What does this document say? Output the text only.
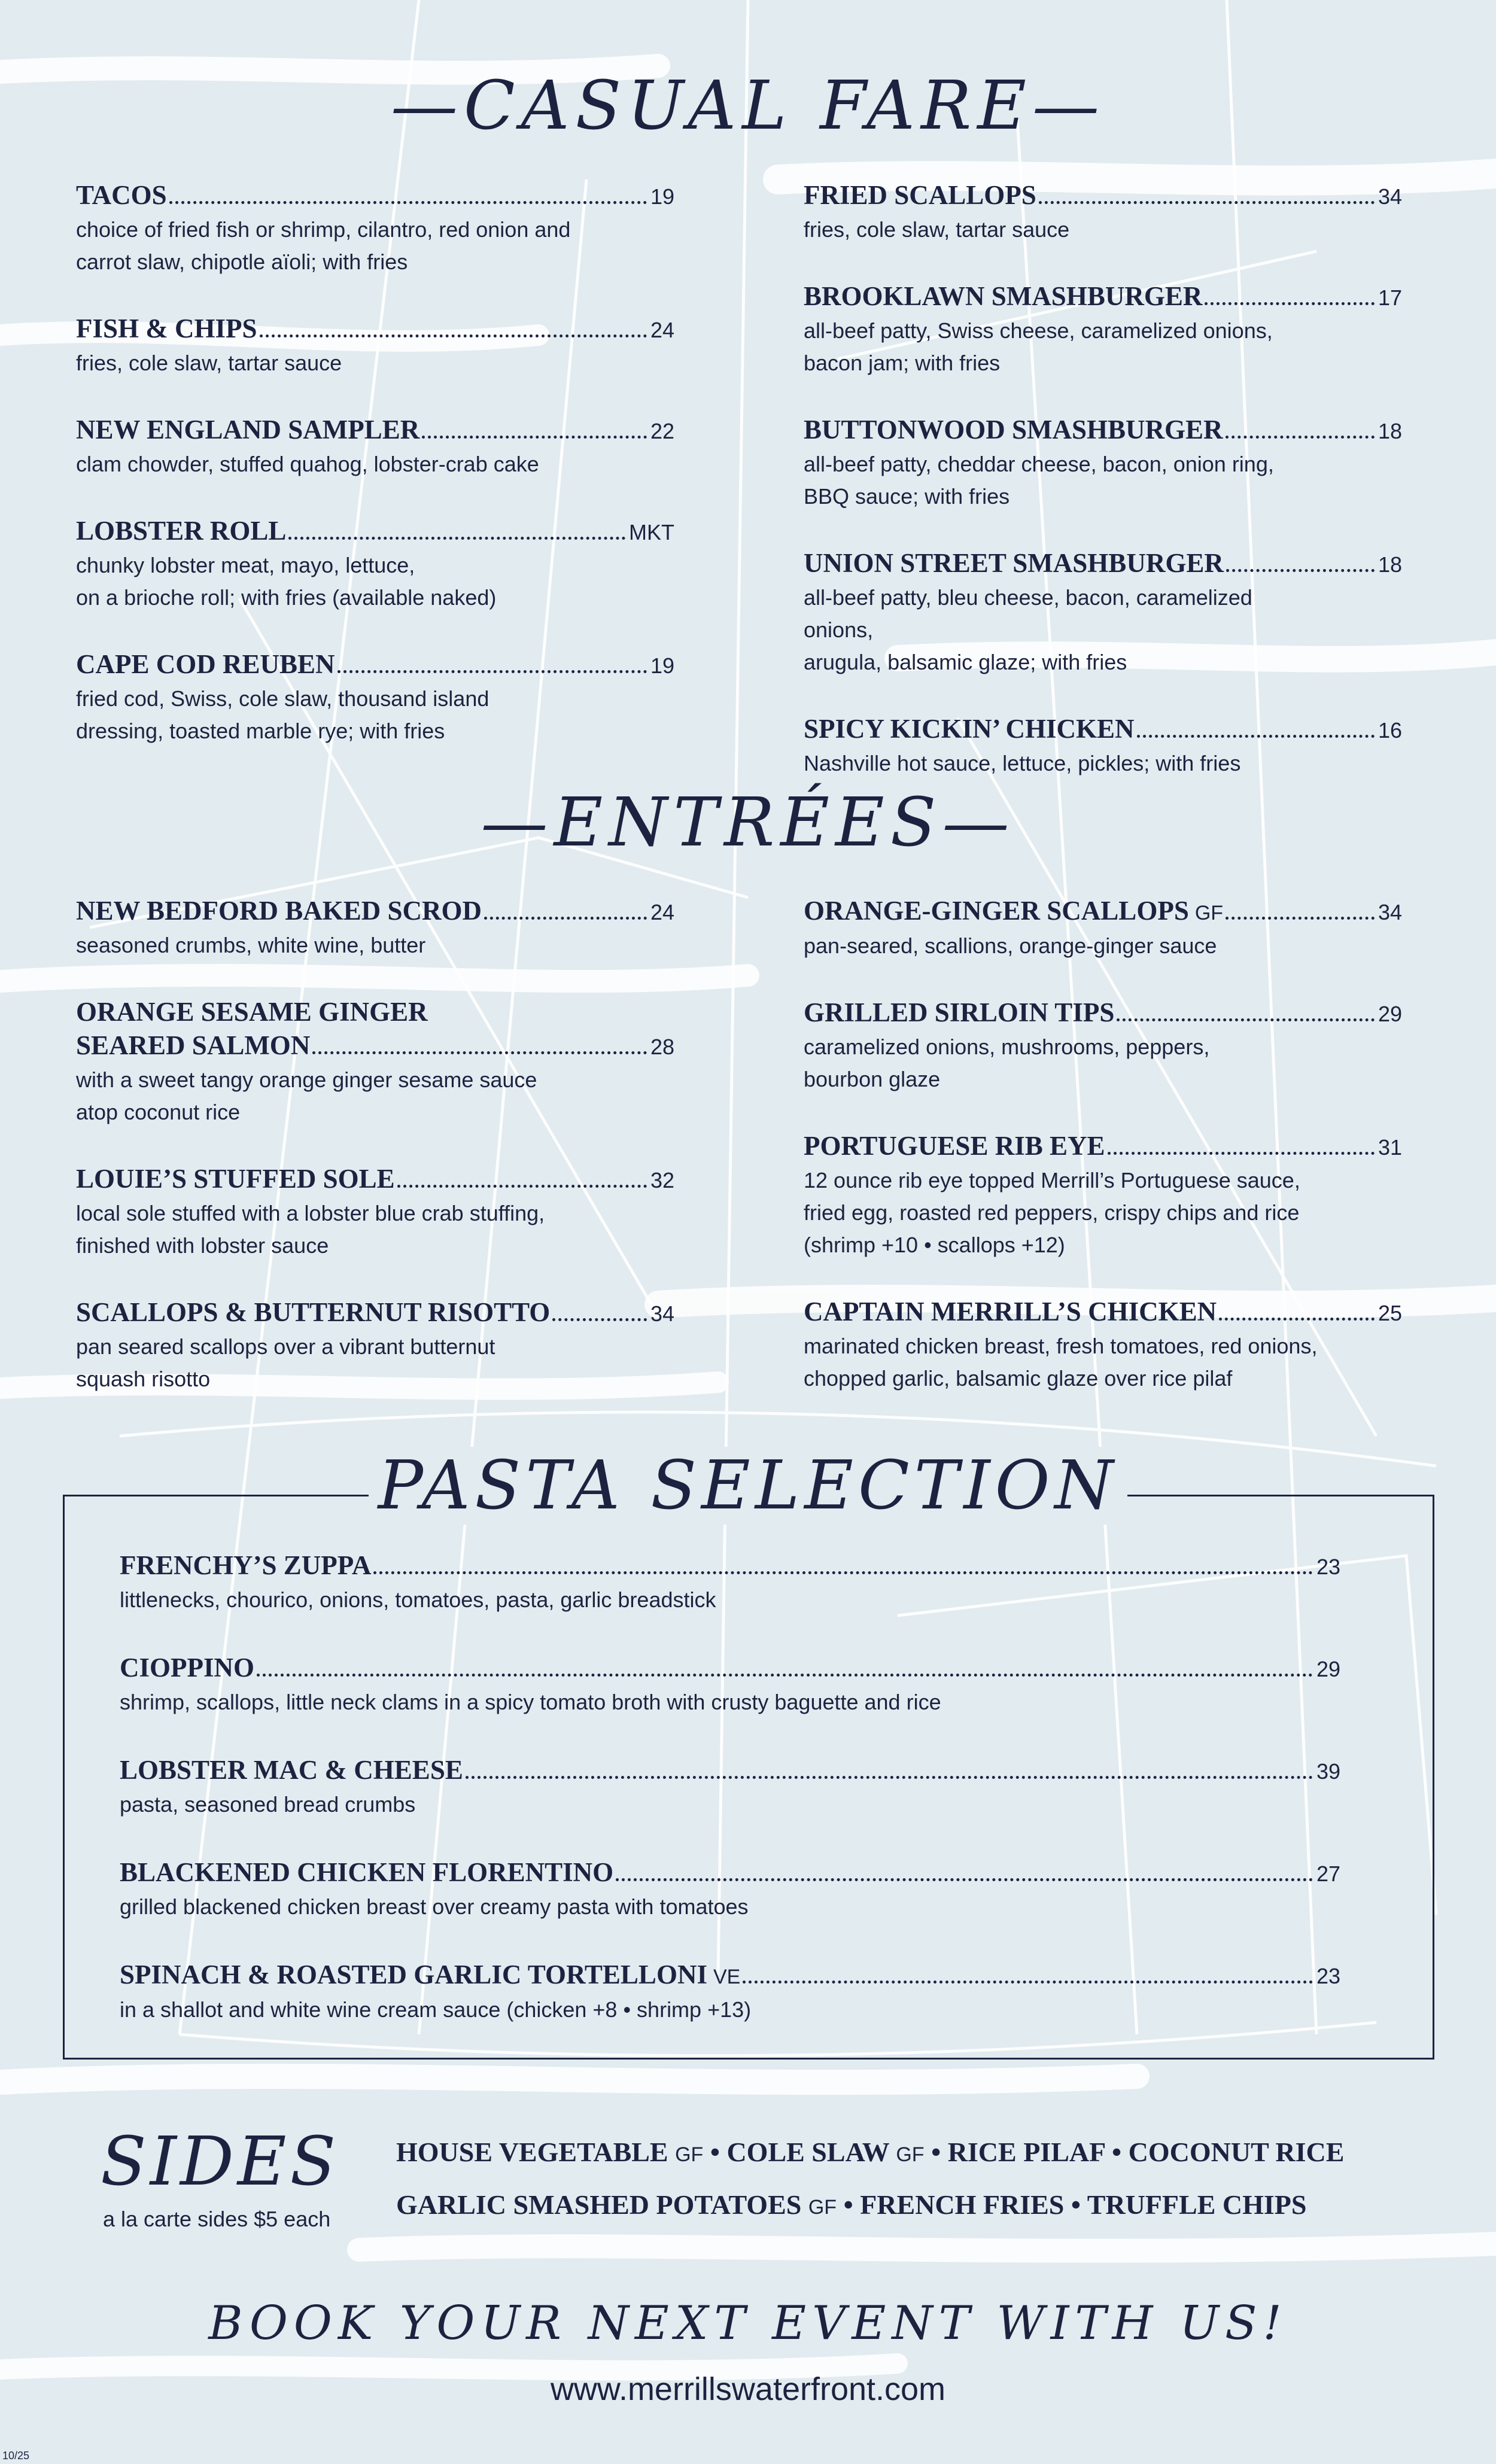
—CASUAL FARE—
TACOS	19
choice of fried fish or shrimp, cilantro, red onion and
carrot slaw, chipotle aïoli; with fries
FISH & CHIPS	24
fries, cole slaw, tartar sauce
NEW ENGLAND SAMPLER	22
clam chowder, stuffed quahog, lobster-crab cake
LOBSTER ROLL	MKT
chunky lobster meat, mayo, lettuce,
on a brioche roll; with fries (available naked)
CAPE COD REUBEN	19
fried cod, Swiss, cole slaw, thousand island
dressing, toasted marble rye; with fries
FRIED SCALLOPS	34
fries, cole slaw, tartar sauce
BROOKLAWN SMASHBURGER	17
all-beef patty, Swiss cheese, caramelized onions,
bacon jam; with fries
BUTTONWOOD SMASHBURGER	18
all-beef patty, cheddar cheese, bacon, onion ring,
BBQ sauce; with fries
UNION STREET SMASHBURGER	18
all-beef patty, bleu cheese, bacon, caramelized onions,
arugula, balsamic glaze; with fries
SPICY KICKIN’ CHICKEN	16
Nashville hot sauce, lettuce, pickles; with fries
—ENTRÉES—
NEW BEDFORD BAKED SCROD	24
seasoned crumbs, white wine, butter
ORANGE SESAME GINGER
SEARED SALMON	28
with a sweet tangy orange ginger sesame sauce
atop coconut rice
LOUIE’S STUFFED SOLE	32
local sole stuffed with a lobster blue crab stuffing,
finished with lobster sauce
SCALLOPS & BUTTERNUT RISOTTO	34
pan seared scallops over a vibrant butternut
squash risotto
ORANGE-GINGER SCALLOPS GF	34
pan-seared, scallions, orange-ginger sauce
GRILLED SIRLOIN TIPS	29
caramelized onions, mushrooms, peppers,
bourbon glaze
PORTUGUESE RIB EYE	31
12 ounce rib eye topped Merrill’s Portuguese sauce,
fried egg, roasted red peppers, crispy chips and rice
(shrimp +10 • scallops +12)
CAPTAIN MERRILL’S CHICKEN	25
marinated chicken breast, fresh tomatoes, red onions,
chopped garlic, balsamic glaze over rice pilaf
PASTA SELECTION
FRENCHY’S ZUPPA	23
littlenecks, chourico, onions, tomatoes, pasta, garlic breadstick
CIOPPINO	29
shrimp, scallops, little neck clams in a spicy tomato broth with crusty baguette and rice
LOBSTER MAC & CHEESE	39
pasta, seasoned bread crumbs
BLACKENED CHICKEN FLORENTINO	27
grilled blackened chicken breast over creamy pasta with tomatoes
SPINACH & ROASTED GARLIC TORTELLONI VE	23
in a shallot and white wine cream sauce (chicken +8 • shrimp +13)
SIDES
a la carte sides $5 each
HOUSE VEGETABLE GF • COLE SLAW GF • RICE PILAF • COCONUT RICE
GARLIC SMASHED POTATOES GF • FRENCH FRIES • TRUFFLE CHIPS
BOOK YOUR NEXT EVENT WITH US!
www.merrillswaterfront.com
10/25
